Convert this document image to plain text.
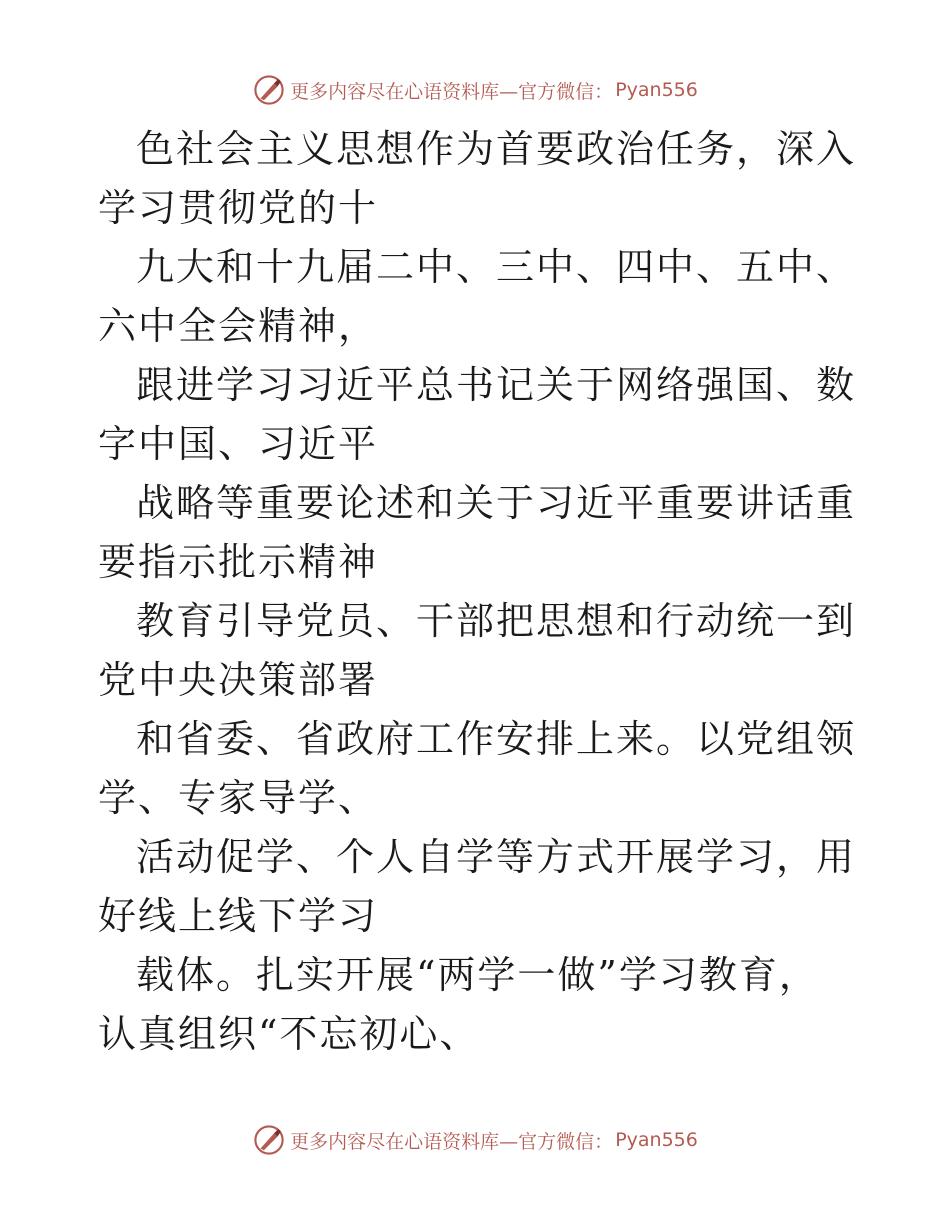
更多内容尽在心语资料库 —官方微信： Pyan556

色社会主义思想作为首要政治任务，深入学习贯彻党的十

九大和十九届二中、三中、四中、五中、六中全会精神，

跟进学习习近平总书记关于网络强国、数字中国、习近平

战略等重要论述和关于习近平重要讲话重要指示批示精神

教育引导党员、干部把思想和行动统一到党中央决策部署

和省委、省政府工作安排上来。以党组领学、专家导学、

活动促学、个人自学等方式开展学习，用好线上线下学习

载体。扎实开展“两学一做”学习教育，认真组织“不忘初心、

更多内容尽在心语资料库 —官方微信： Pyan556
